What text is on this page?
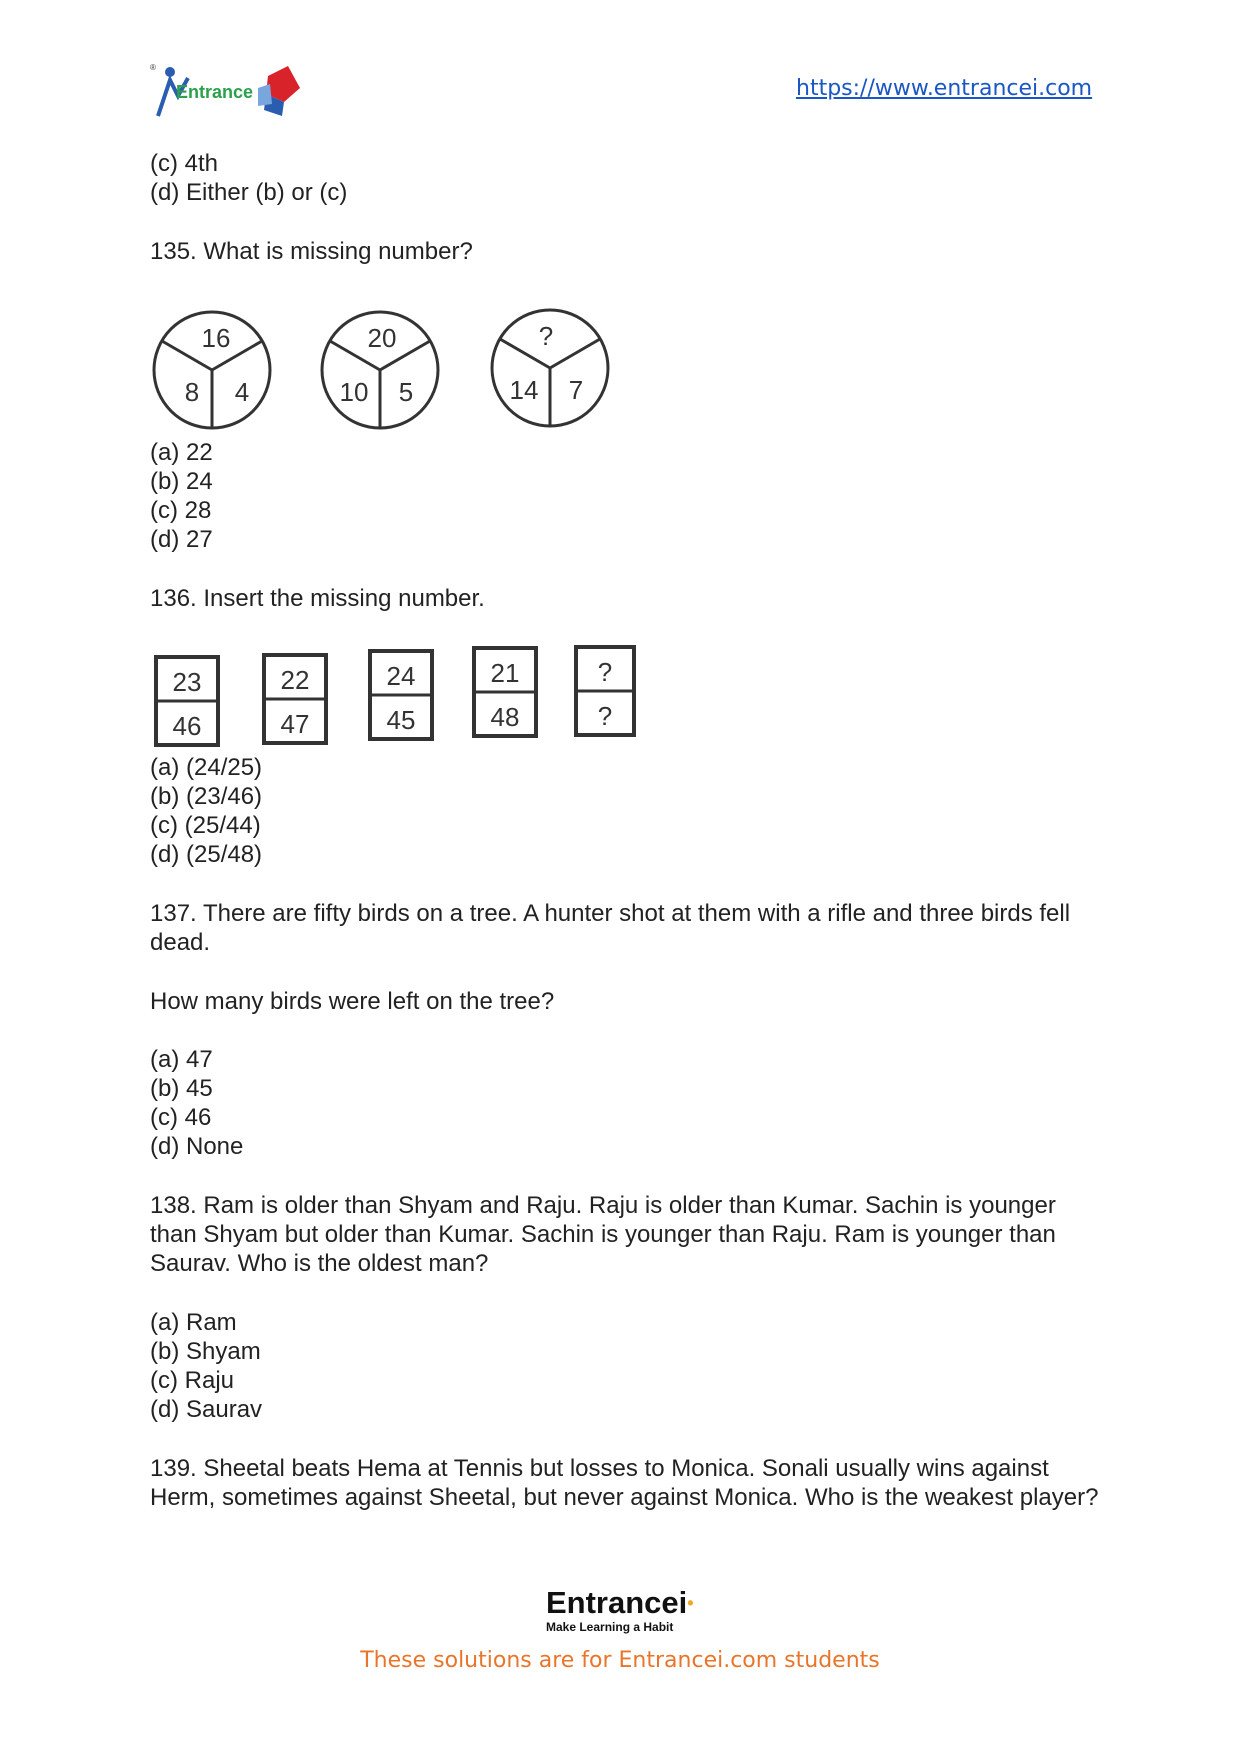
®
Entrance	https://www.entrancei.com
(c) 4th
(d) Either (b) or (c)
135. What is missing number?
16
8 4
20
10 5
?
14 7
(a) 22
(b) 24
(c) 28
(d) 27
136. Insert the missing number.
23
46
22
47
24
45
21
48
?
?
(a) (24/25)
(b) (23/46)
(c) (25/44)
(d) (25/48)
137. There are fifty birds on a tree. A hunter shot at them with a rifle and three birds fell dead.
How many birds were left on the tree?
(a) 47
(b) 45
(c) 46
(d) None
138. Ram is older than Shyam and Raju. Raju is older than Kumar. Sachin is younger than Shyam but older than Kumar. Sachin is younger than Raju. Ram is younger than Saurav. Who is the oldest man?
(a) Ram
(b) Shyam
(c) Raju
(d) Saurav
139. Sheetal beats Hema at Tennis but losses to Monica. Sonali usually wins against Herm, sometimes against Sheetal, but never against Monica. Who is the weakest player?
Entrancei•
Make Learning a Habit
These solutions are for Entrancei.com students
